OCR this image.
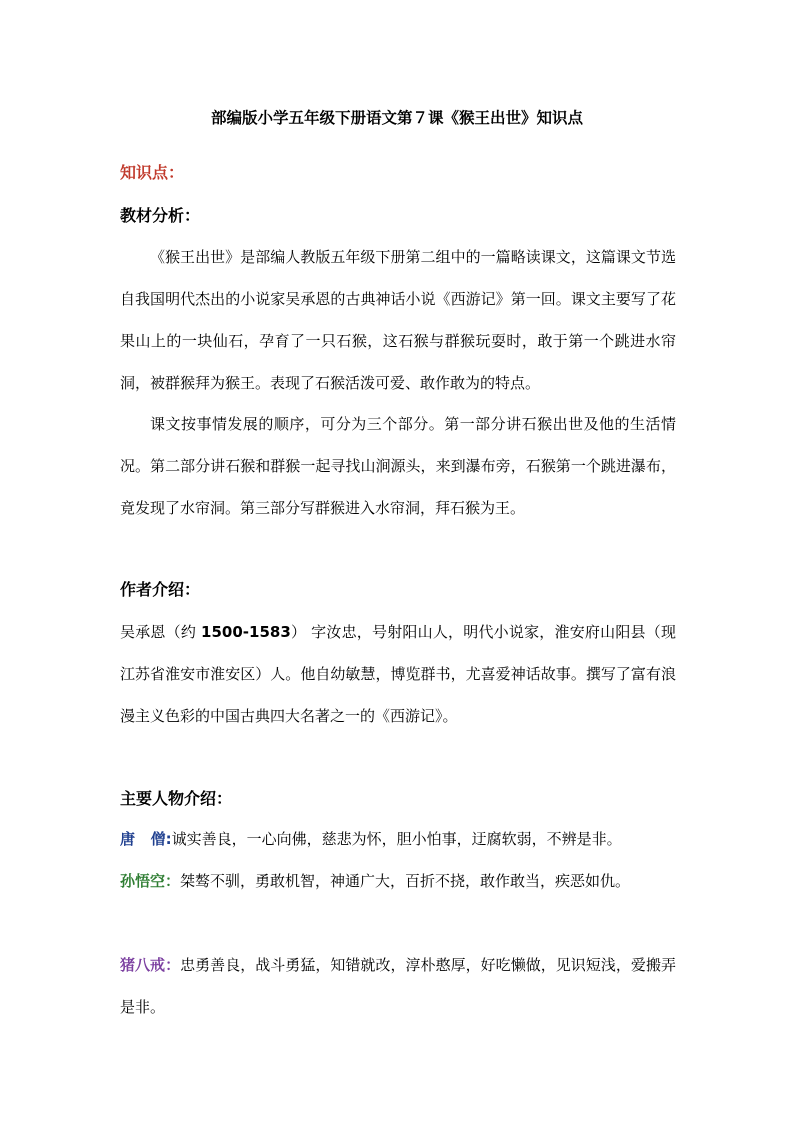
部编版小学五年级下册语文第７课《猴王出世》知识点
知识点：
教材分析：

《猴王出世》是部编人教版五年级下册第二组中的一篇略读课文，这篇课文节选自我国明代杰出的小说家吴承恩的古典神话小说《西游记》第一回。课文主要写了花果山上的一块仙石，孕育了一只石猴，这石猴与群猴玩耍时，敢于第一个跳进水帘洞，被群猴拜为猴王。表现了石猴活泼可爱、敢作敢为的特点。

课文按事情发展的顺序，可分为三个部分。第一部分讲石猴出世及他的生活情况。第二部分讲石猴和群猴一起寻找山涧源头，来到瀑布旁，石猴第一个跳进瀑布，竟发现了水帘洞。第三部分写群猴进入水帘洞，拜石猴为王。

作者介绍：

吴承恩（约 1500-1583） 字汝忠，号射阳山人，明代小说家，淮安府山阳县（现江苏省淮安市淮安区）人。他自幼敏慧，博览群书，尤喜爱神话故事。撰写了富有浪漫主义色彩的中国古典四大名著之一的《西游记》。

主要人物介绍：

唐   僧:诚实善良，一心向佛，慈悲为怀，胆小怕事，迂腐软弱，不辨是非。

孙悟空：桀骜不驯，勇敢机智，神通广大，百折不挠，敢作敢当，疾恶如仇。

猪八戒：忠勇善良，战斗勇猛，知错就改，淳朴憨厚，好吃懒做，见识短浅，爱搬弄是非。
